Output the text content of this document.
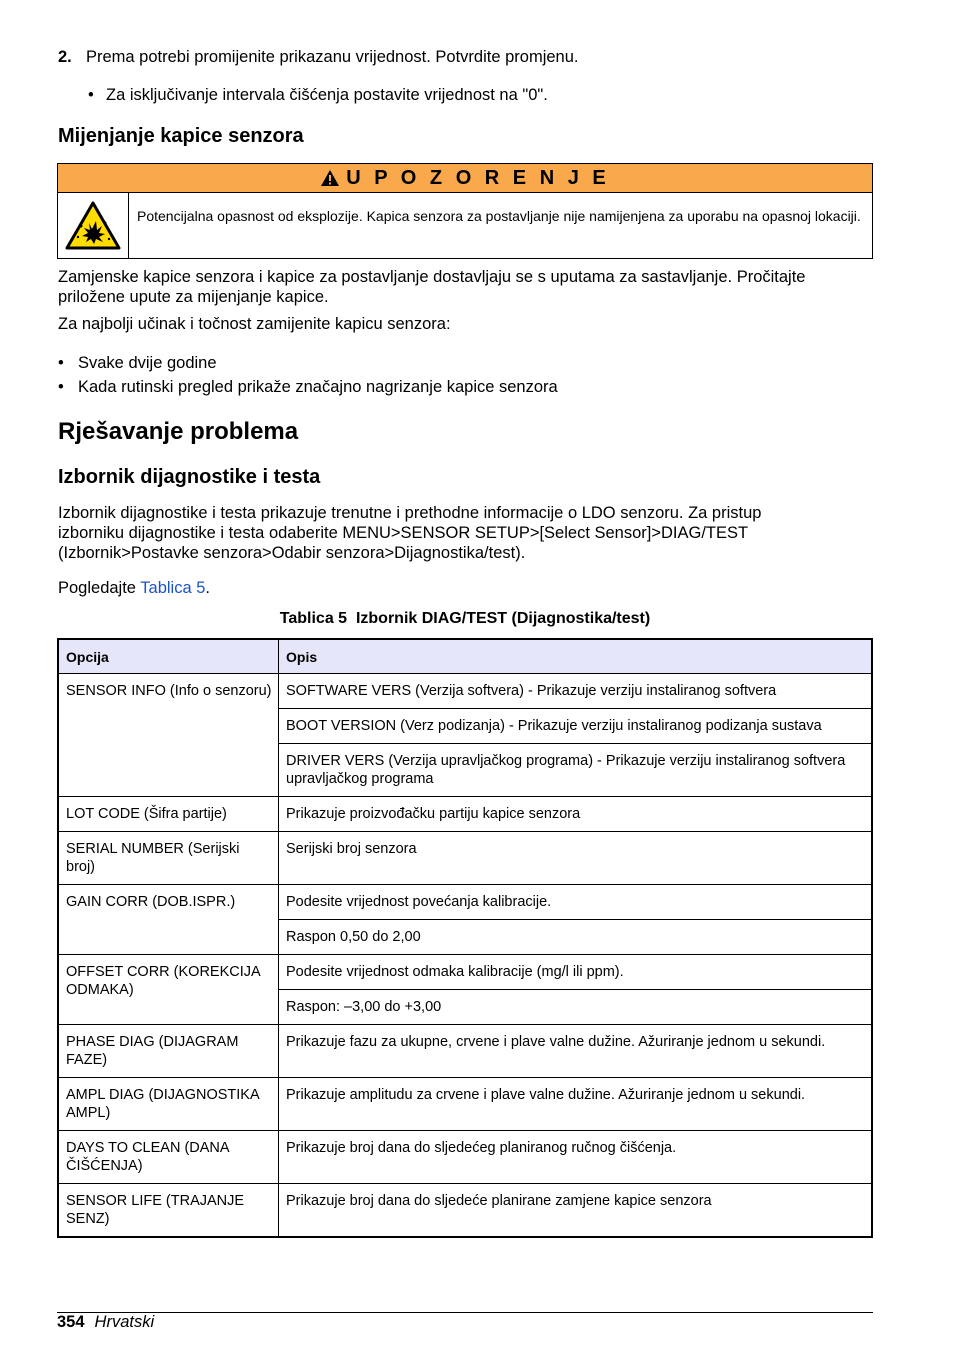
2. Prema potrebi promijenite prikazanu vrijednost. Potvrdite promjenu.
• Za isključivanje intervala čišćenja postavite vrijednost na "0".
Mijenjanje kapice senzora
U P O Z O R E N J E
Potencijalna opasnost od eksplozije. Kapica senzora za postavljanje nije namijenjena za uporabu na opasnoj lokaciji.
Zamjenske kapice senzora i kapice za postavljanje dostavljaju se s uputama za sastavljanje. Pročitajte priložene upute za mijenjanje kapice.
Za najbolji učinak i točnost zamijenite kapicu senzora:
• Svake dvije godine
• Kada rutinski pregled prikaže značajno nagrizanje kapice senzora
Rješavanje problema
Izbornik dijagnostike i testa
Izbornik dijagnostike i testa prikazuje trenutne i prethodne informacije o LDO senzoru. Za pristup izborniku dijagnostike i testa odaberite MENU>SENSOR SETUP>[Select Sensor]>DIAG/TEST (Izbornik>Postavke senzora>Odabir senzora>Dijagnostika/test).
Pogledajte Tablica 5.
Tablica 5  Izbornik DIAG/TEST (Dijagnostika/test)
Opcija	Opis
SENSOR INFO (Info o senzoru)	SOFTWARE VERS (Verzija softvera) - Prikazuje verziju instaliranog softvera
	BOOT VERSION (Verz podizanja) - Prikazuje verziju instaliranog podizanja sustava
	DRIVER VERS (Verzija upravljačkog programa) - Prikazuje verziju instaliranog softvera upravljačkog programa
LOT CODE (Šifra partije)	Prikazuje proizvođačku partiju kapice senzora
SERIAL NUMBER (Serijski broj)	Serijski broj senzora
GAIN CORR (DOB.ISPR.)	Podesite vrijednost povećanja kalibracije.
	Raspon 0,50 do 2,00
OFFSET CORR (KOREKCIJA ODMAKA)	Podesite vrijednost odmaka kalibracije (mg/l ili ppm).
	Raspon: –3,00 do +3,00
PHASE DIAG (DIJAGRAM FAZE)	Prikazuje fazu za ukupne, crvene i plave valne dužine. Ažuriranje jednom u sekundi.
AMPL DIAG (DIJAGNOSTIKA AMPL)	Prikazuje amplitudu za crvene i plave valne dužine. Ažuriranje jednom u sekundi.
DAYS TO CLEAN (DANA ČIŠĆENJA)	Prikazuje broj dana do sljedećeg planiranog ručnog čišćenja.
SENSOR LIFE (TRAJANJE SENZ)	Prikazuje broj dana do sljedeće planirane zamjene kapice senzora
354 Hrvatski
